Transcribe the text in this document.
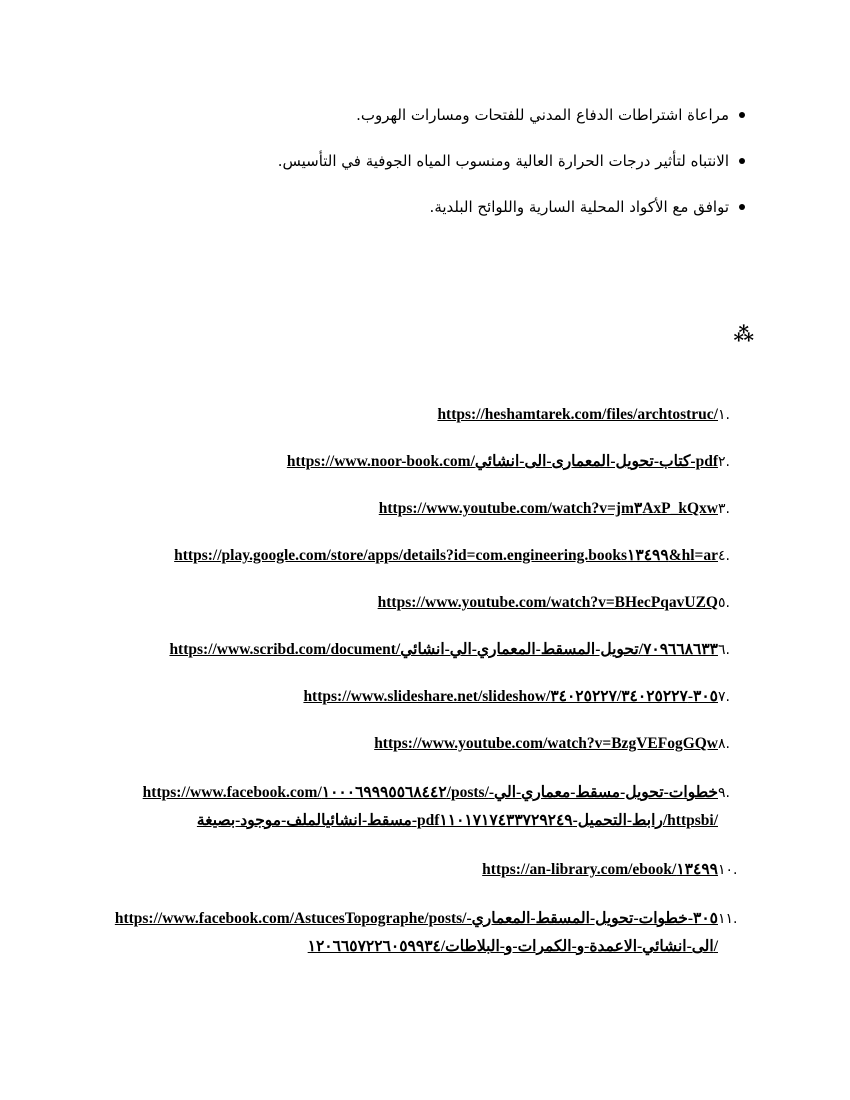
مراعاة اشتراطات الدفاع المدني للفتحات ومسارات الهروب.
الانتباه لتأثير درجات الحرارة العالية ومنسوب المياه الجوفية في التأسيس.
توافق مع الأكواد المحلية السارية واللوائح البلدية.
⁂
.١
https://heshamtarek.com/files/archtostruc/
.٢
https://www.noor-book.com/كتاب-تحويل-المعمارى-الى-انشائي-pdf
.٣
https://www.youtube.com/watch?v=jm٣AxP_kQxw
.٤
https://play.google.com/store/apps/details?id=com.engineering.books١٣٤٩٩&hl=ar
.٥
https://www.youtube.com/watch?v=BHecPqavUZQ
.٦
https://www.scribd.com/document/٧٠٩٦٦٨٦٣٣/تحويل-المسقط-المعماري-الي-انشائي
.٧
https://www.slideshare.net/slideshow/٣٠٥-٣٤٠٢٥٢٢٧/٣٤٠٢٥٢٢٧
.٨
https://www.youtube.com/watch?v=BzgVEFogGQw
.٩
https://www.facebook.com/١٠٠٠٦٩٩٩٥٥٦٨٤٤٢/posts/خطوات-تحويل-مسقط-معماري-الي-مسقط-انشائيالملف-موجود-بصيغة-pdfرابط-التحميل-١١٠١٧١٧٤٣٣٧٢٩٢٤٩/httpsbi/
.١٠
https://an-library.com/ebook/١٣٤٩٩
.١١
https://www.facebook.com/AstucesTopographe/posts/٣٠٥-خطوات-تحويل-المسقط-المعماري-الى-انشائي-الاعمدة-و-الكمرات-و-البلاطات/١٢٠٦٦٥٧٢٢٦٠٥٩٩٣٤/
